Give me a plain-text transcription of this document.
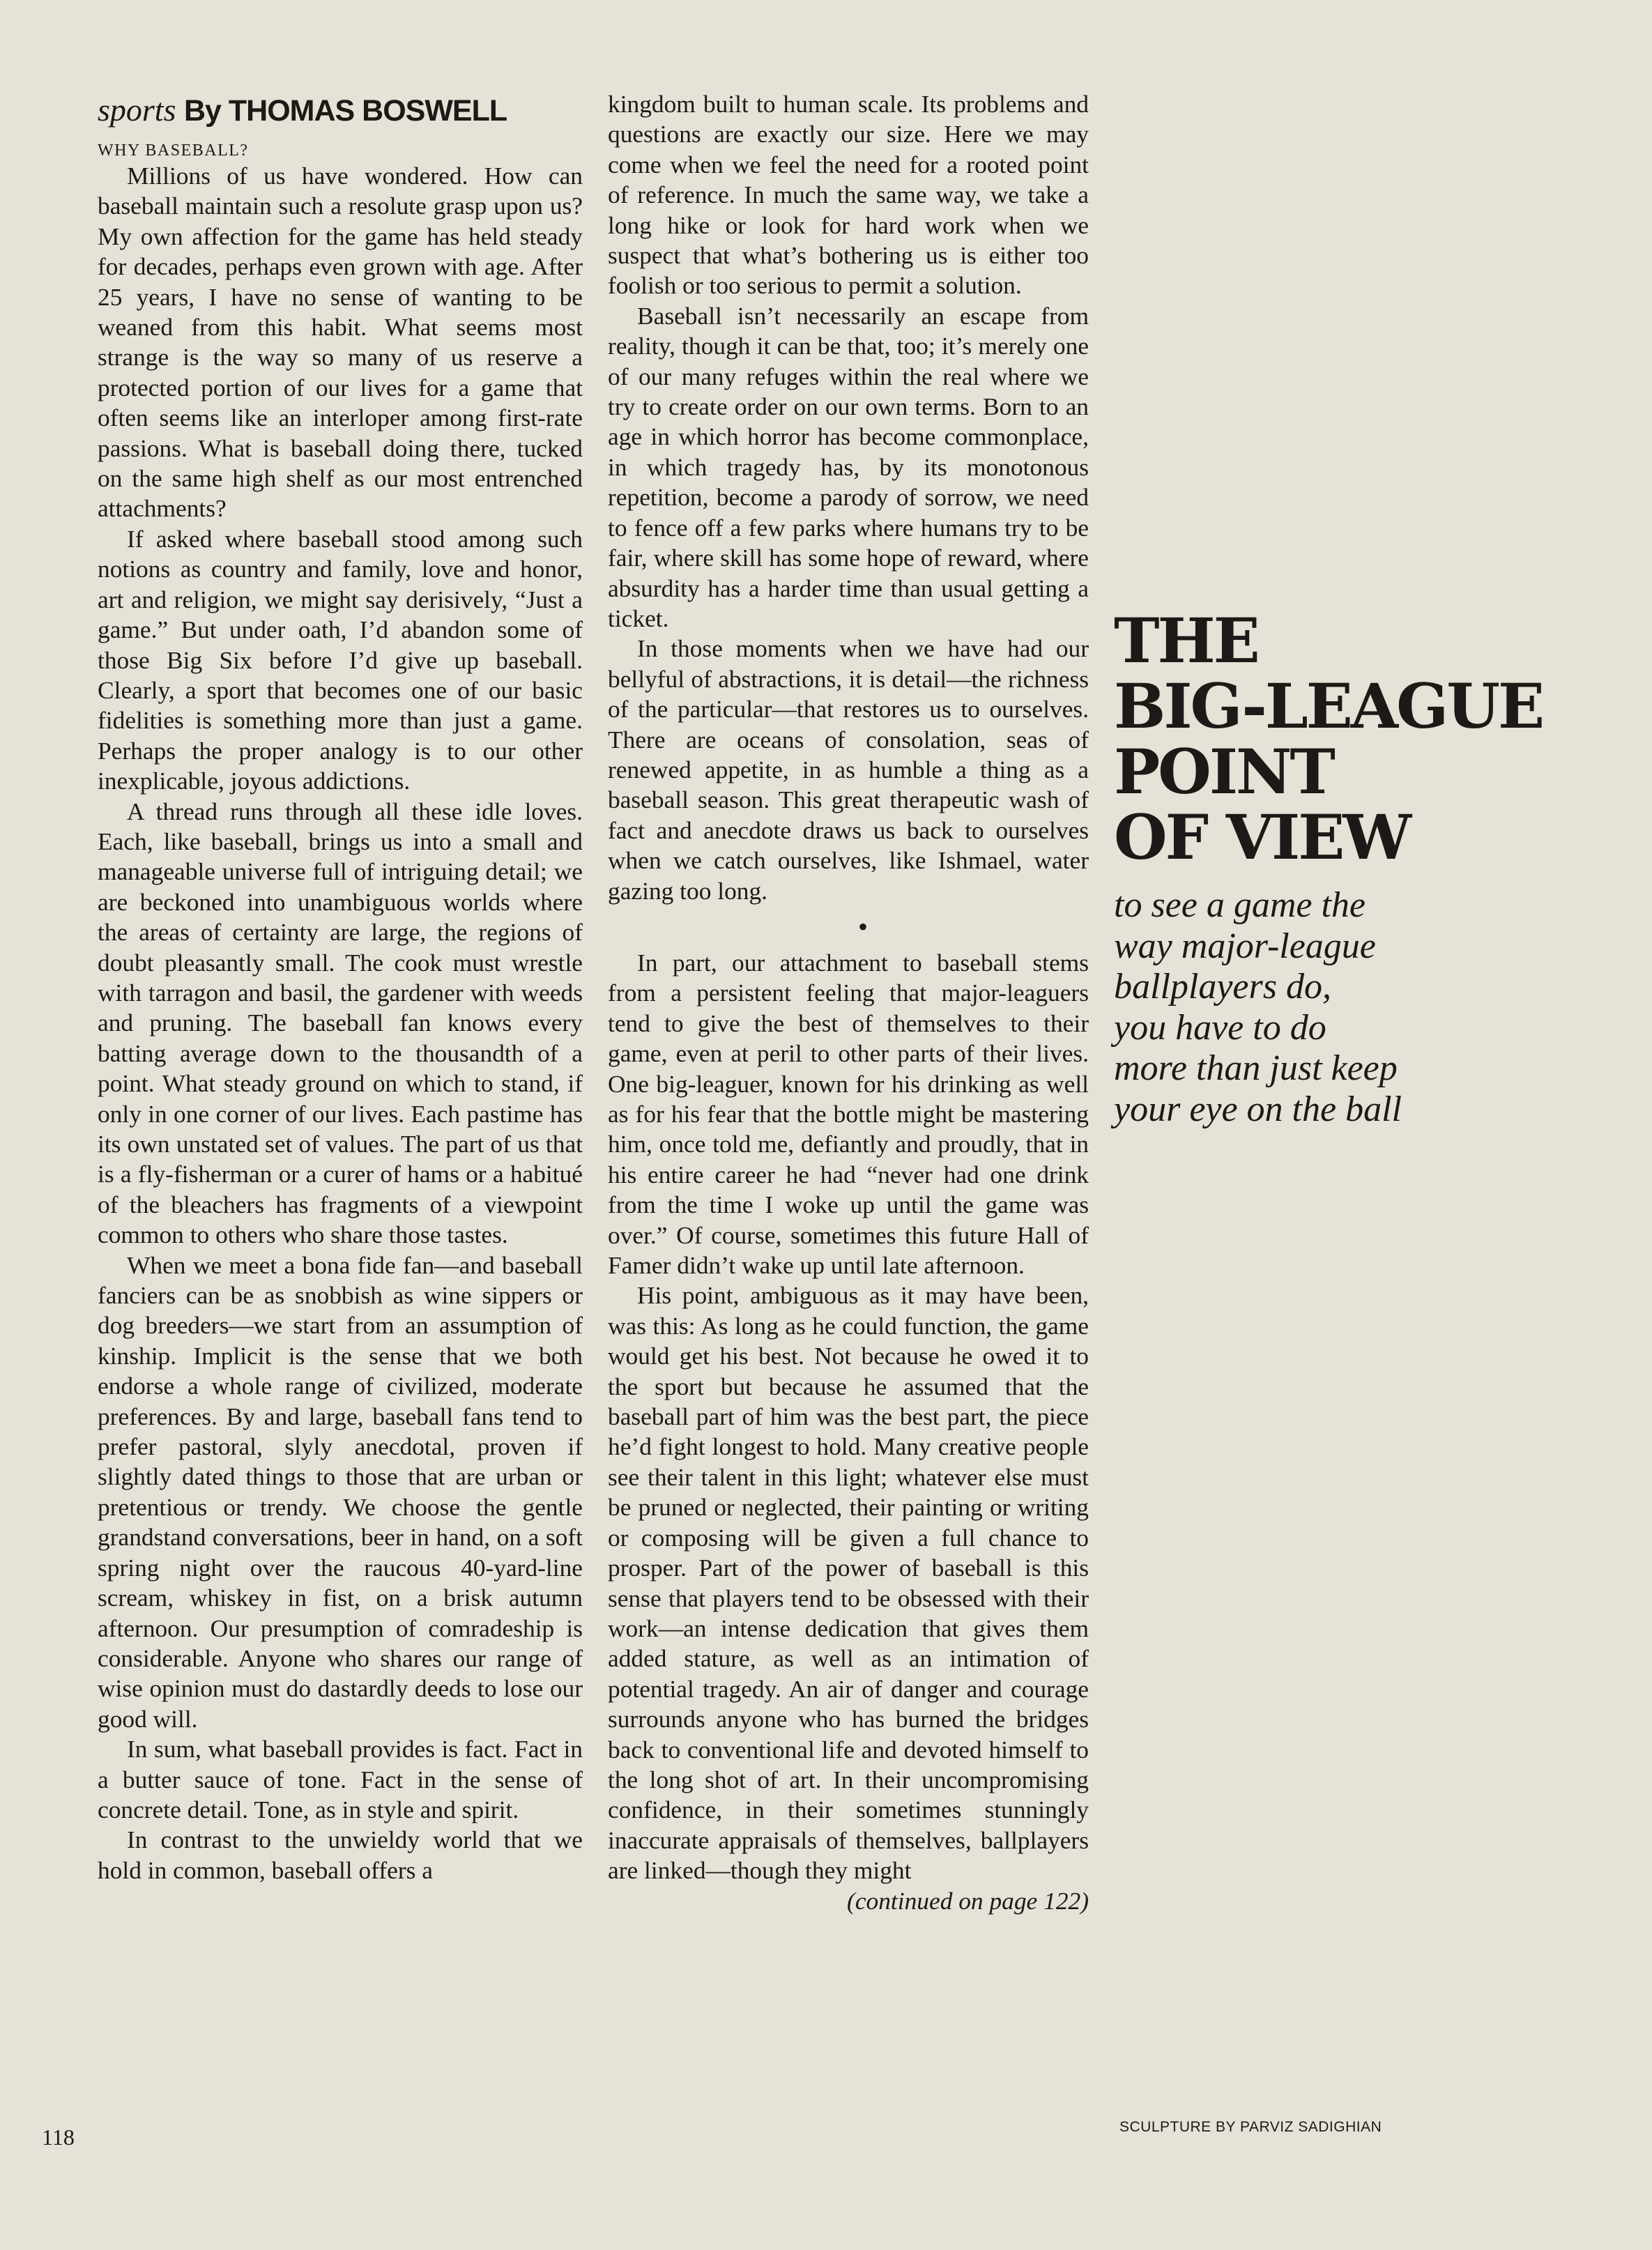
sports By THOMAS BOSWELL

WHY BASEBALL?

Millions of us have wondered. How can baseball maintain such a resolute grasp upon us? My own affection for the game has held steady for decades, perhaps even grown with age. After 25 years, I have no sense of wanting to be weaned from this habit. What seems most strange is the way so many of us reserve a protected portion of our lives for a game that often seems like an interloper among first-rate passions. What is baseball doing there, tucked on the same high shelf as our most entrenched attachments?

If asked where baseball stood among such notions as country and family, love and honor, art and religion, we might say derisively, “Just a game.” But under oath, I’d abandon some of those Big Six before I’d give up baseball. Clearly, a sport that becomes one of our basic fidelities is something more than just a game. Perhaps the proper analogy is to our other inexplicable, joyous addictions.

A thread runs through all these idle loves. Each, like baseball, brings us into a small and manageable universe full of intriguing detail; we are beckoned into unambiguous worlds where the areas of certainty are large, the regions of doubt pleasantly small. The cook must wrestle with tarragon and basil, the gardener with weeds and pruning. The baseball fan knows every batting average down to the thousandth of a point. What steady ground on which to stand, if only in one corner of our lives. Each pastime has its own unstated set of values. The part of us that is a fly-fisherman or a curer of hams or a habitué of the bleachers has fragments of a viewpoint common to others who share those tastes.

When we meet a bona fide fan—and baseball fanciers can be as snobbish as wine sippers or dog breeders—we start from an assumption of kinship. Implicit is the sense that we both endorse a whole range of civilized, moderate preferences. By and large, baseball fans tend to prefer pastoral, slyly anecdotal, proven if slightly dated things to those that are urban or pretentious or trendy. We choose the gentle grandstand conversations, beer in hand, on a soft spring night over the raucous 40-yard-line scream, whiskey in fist, on a brisk autumn afternoon. Our presumption of comradeship is considerable. Anyone who shares our range of wise opinion must do dastardly deeds to lose our good will.

In sum, what baseball provides is fact. Fact in a butter sauce of tone. Fact in the sense of concrete detail. Tone, as in style and spirit.

In contrast to the unwieldy world that we hold in common, baseball offers a

kingdom built to human scale. Its problems and questions are exactly our size. Here we may come when we feel the need for a rooted point of reference. In much the same way, we take a long hike or look for hard work when we suspect that what’s bothering us is either too foolish or too serious to permit a solution.

Baseball isn’t necessarily an escape from reality, though it can be that, too; it’s merely one of our many refuges within the real where we try to create order on our own terms. Born to an age in which horror has become commonplace, in which tragedy has, by its monotonous repetition, become a parody of sorrow, we need to fence off a few parks where humans try to be fair, where skill has some hope of reward, where absurdity has a harder time than usual getting a ticket.

In those moments when we have had our bellyful of abstractions, it is detail—the richness of the particular—that restores us to ourselves. There are oceans of consolation, seas of renewed appetite, in as humble a thing as a baseball season. This great therapeutic wash of fact and anecdote draws us back to ourselves when we catch ourselves, like Ishmael, water gazing too long.

•

In part, our attachment to baseball stems from a persistent feeling that major-leaguers tend to give the best of themselves to their game, even at peril to other parts of their lives. One big-leaguer, known for his drinking as well as for his fear that the bottle might be mastering him, once told me, defiantly and proudly, that in his entire career he had “never had one drink from the time I woke up until the game was over.” Of course, sometimes this future Hall of Famer didn’t wake up until late afternoon.

His point, ambiguous as it may have been, was this: As long as he could function, the game would get his best. Not because he owed it to the sport but because he assumed that the baseball part of him was the best part, the piece he’d fight longest to hold. Many creative people see their talent in this light; whatever else must be pruned or neglected, their painting or writing or composing will be given a full chance to prosper. Part of the power of baseball is this sense that players tend to be obsessed with their work—an intense dedication that gives them added stature, as well as an intimation of potential tragedy. An air of danger and courage surrounds anyone who has burned the bridges back to conventional life and devoted himself to the long shot of art. In their uncompromising confidence, in their sometimes stunningly inaccurate appraisals of themselves, ballplayers are linked—though they might

(continued on page 122)

THE
BIG-LEAGUE
POINT
OF VIEW

to see a game the
way major-league
ballplayers do,
you have to do
more than just keep
your eye on the ball

118	SCULPTURE BY PARVIZ SADIGHIAN
